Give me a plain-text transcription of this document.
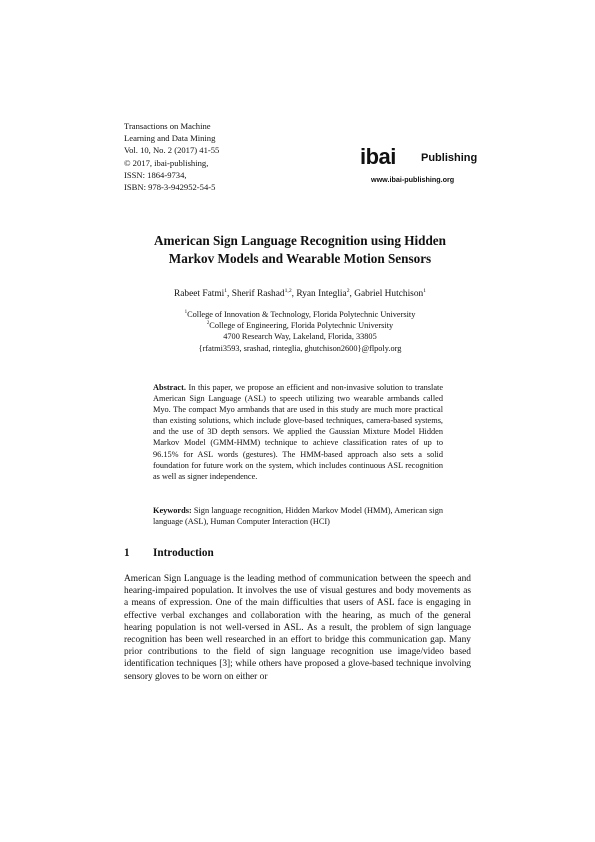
Transactions on Machine
Learning and Data Mining
Vol. 10, No. 2 (2017) 41-55
© 2017, ibai-publishing,
ISSN: 1864-9734,
ISBN: 978-3-942952-54-5
ibai Publishing
www.ibai-publishing.org
American Sign Language Recognition using Hidden
Markov Models and Wearable Motion Sensors
Rabeet Fatmi$^1$, Sherif Rashad$^{1,2}$, Ryan Integlia$^2$, Gabriel Hutchison$^1$
$^1$College of Innovation & Technology, Florida Polytechnic University
$^2$College of Engineering, Florida Polytechnic University
4700 Research Way, Lakeland, Florida, 33805
{rfatmi3593, srashad, rinteglia, ghutchison2600}@flpoly.org
Abstract. In this paper, we propose an efficient and non-invasive solution to translate American Sign Language (ASL) to speech utilizing two wearable armbands called Myo. The compact Myo armbands that are used in this study are much more practical than existing solutions, which include glove-based techniques, camera-based systems, and the use of 3D depth sensors. We applied the Gaussian Mixture Model Hidden Markov Model (GMM-HMM) technique to achieve classification rates of up to 96.15% for ASL words (gestures). The HMM-based approach also sets a solid foundation for future work on the system, which includes continuous ASL recognition as well as signer independence.
Keywords: Sign language recognition, Hidden Markov Model (HMM), American sign language (ASL), Human Computer Interaction (HCI)
1 Introduction
American Sign Language is the leading method of communication between the speech and hearing-impaired population. It involves the use of visual gestures and body movements as a means of expression. One of the main difficulties that users of ASL face is engaging in effective verbal exchanges and collaboration with the hearing, as much of the general hearing population is not well-versed in ASL. As a result, the problem of sign language recognition has been well researched in an effort to bridge this communication gap. Many prior contributions to the field of sign language recognition use image/video based identification techniques [3]; while others have proposed a glove-based technique involving sensory gloves to be worn on either or
